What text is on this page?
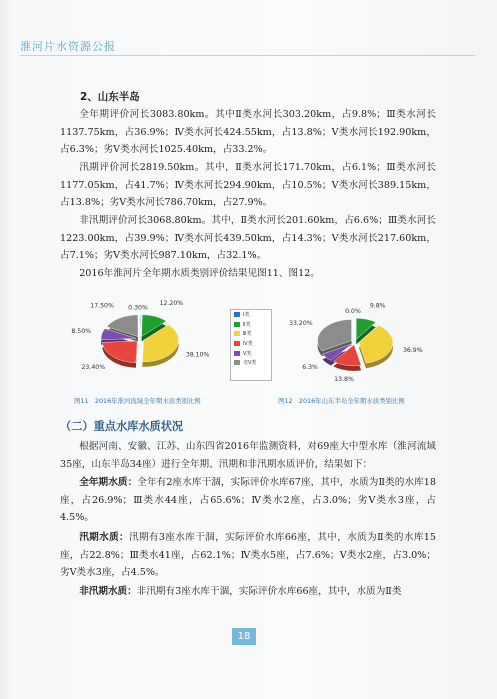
淮河片水资源公报
2、山东半岛

全年期评价河长3083.80km。其中Ⅱ类水河长303.20km，占9.8%；Ⅲ类水河长1137.75km，占36.9%；Ⅳ类水河长424.55km，占13.8%；Ⅴ类水河长192.90km，占6.3%；劣Ⅴ类水河长1025.40km，占33.2%。

汛期评价河长2819.50km。其中，Ⅱ类水河长171.70km，占6.1%；Ⅲ类水河长1177.05km，占41.7%；Ⅳ类水河长294.90km，占10.5%；Ⅴ类水河长389.15km，占13.8%；劣Ⅴ类水河长786.70km，占27.9%。

非汛期评价河长3068.80km。其中，Ⅱ类水河长201.60km，占6.6%；Ⅲ类水河长1223.00km，占39.9%；Ⅳ类水河长439.50km，占14.3%；Ⅴ类水河长217.60km，占7.1%；劣Ⅴ类水河长987.10km，占32.1%。

2016年淮河片全年期水质类别评价结果见图11、图12。

0.30%
12.20%
38.10%
23.40%
8.50%
17.50%
Ⅰ类
Ⅱ类
Ⅲ类
Ⅳ类
Ⅴ类
劣Ⅴ类
0.0%
9.8%
36.9%
13.8%
6.3%
33.20%
图11　2016年淮河流域全年期水质类别比例	图12　2016年山东半岛全年期水质类别比例
（二）重点水库水质状况

根据河南、安徽、江苏、山东四省2016年监测资料，对69座大中型水库（淮河流域35座，山东半岛34座）进行全年期、汛期和非汛期水质评价，结果如下：

全年期水质：全年有2座水库干涸，实际评价水库67座，其中，水质为Ⅱ类的水库18座，占26.9%；Ⅲ类水44座，占65.6%；Ⅳ类水2座，占3.0%；劣Ⅴ类水3座，占4.5%。

汛期水质：汛期有3座水库干涸，实际评价水库66座，其中，水质为Ⅱ类的水库15座，占22.8%；Ⅲ类水41座，占62.1%；Ⅳ类水5座，占7.6%；Ⅴ类水2座，占3.0%；劣Ⅴ类水3座，占4.5%。

非汛期水质：非汛期有3座水库干涸，实际评价水库66座，其中，水质为Ⅱ类

18
